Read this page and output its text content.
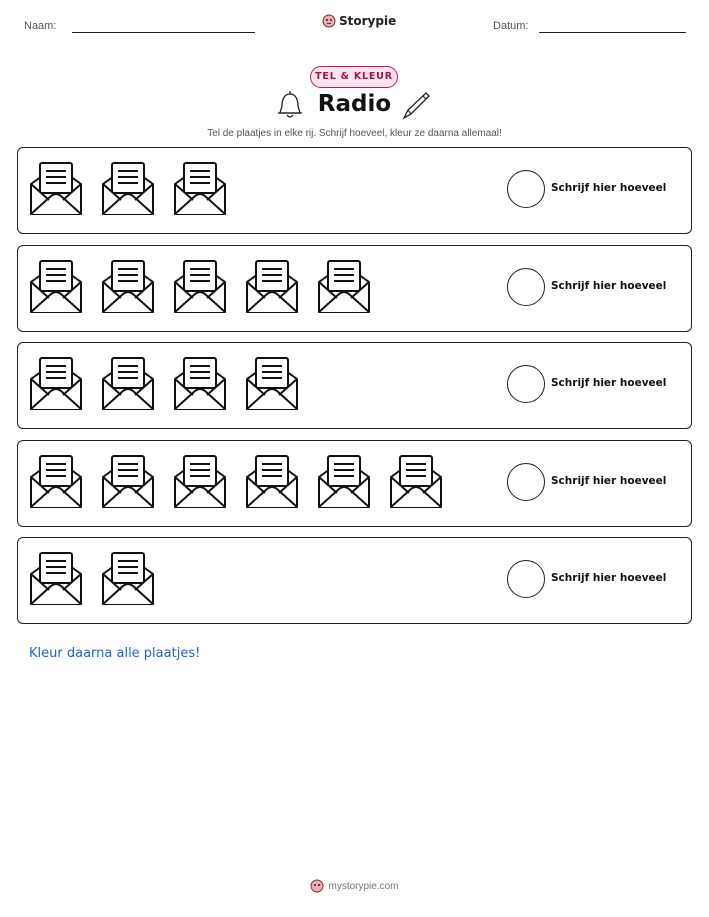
Naam:	Storypie	Datum:
TEL & KLEUR
Radio
Tel de plaatjes in elke rij. Schrijf hoeveel, kleur ze daarna allemaal!
Schrijf hier hoeveel
Schrijf hier hoeveel
Schrijf hier hoeveel
Schrijf hier hoeveel
Schrijf hier hoeveel
Kleur daarna alle plaatjes!
mystorypie.com
